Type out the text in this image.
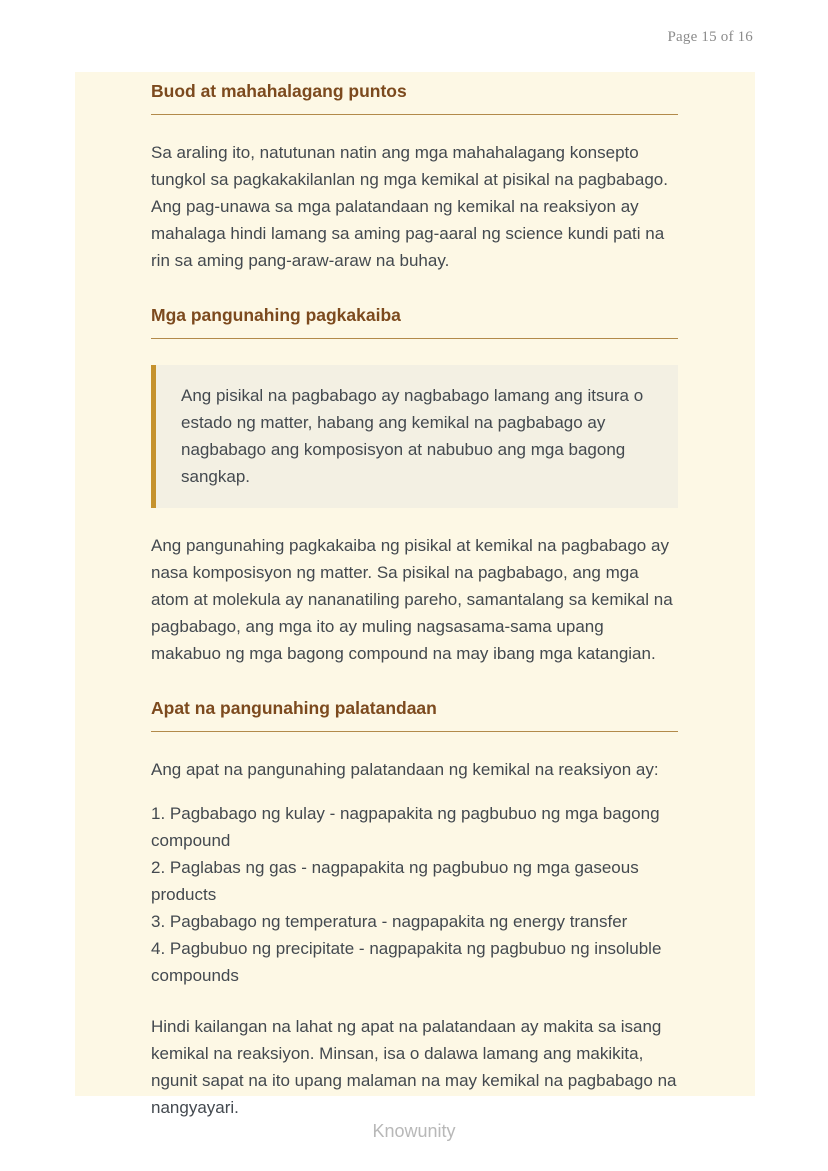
Page 15 of 16
Buod at mahahalagang puntos
Sa araling ito, natutunan natin ang mga mahahalagang konsepto tungkol sa pagkakakilanlan ng mga kemikal at pisikal na pagbabago. Ang pag-unawa sa mga palatandaan ng kemikal na reaksiyon ay mahalaga hindi lamang sa aming pag-aaral ng science kundi pati na rin sa aming pang-araw-araw na buhay.
Mga pangunahing pagkakaiba
Ang pisikal na pagbabago ay nagbabago lamang ang itsura o estado ng matter, habang ang kemikal na pagbabago ay nagbabago ang komposisyon at nabubuo ang mga bagong sangkap.
Ang pangunahing pagkakaiba ng pisikal at kemikal na pagbabago ay nasa komposisyon ng matter. Sa pisikal na pagbabago, ang mga atom at molekula ay nananatiling pareho, samantalang sa kemikal na pagbabago, ang mga ito ay muling nagsasama-sama upang makabuo ng mga bagong compound na may ibang mga katangian.
Apat na pangunahing palatandaan
Ang apat na pangunahing palatandaan ng kemikal na reaksiyon ay:
1. Pagbabago ng kulay - nagpapakita ng pagbubuo ng mga bagong compound
2. Paglabas ng gas - nagpapakita ng pagbubuo ng mga gaseous products
3. Pagbabago ng temperatura - nagpapakita ng energy transfer
4. Pagbubuo ng precipitate - nagpapakita ng pagbubuo ng insoluble compounds
Hindi kailangan na lahat ng apat na palatandaan ay makita sa isang kemikal na reaksiyon. Minsan, isa o dalawa lamang ang makikita, ngunit sapat na ito upang malaman na may kemikal na pagbabago na nangyayari.
Knowunity
